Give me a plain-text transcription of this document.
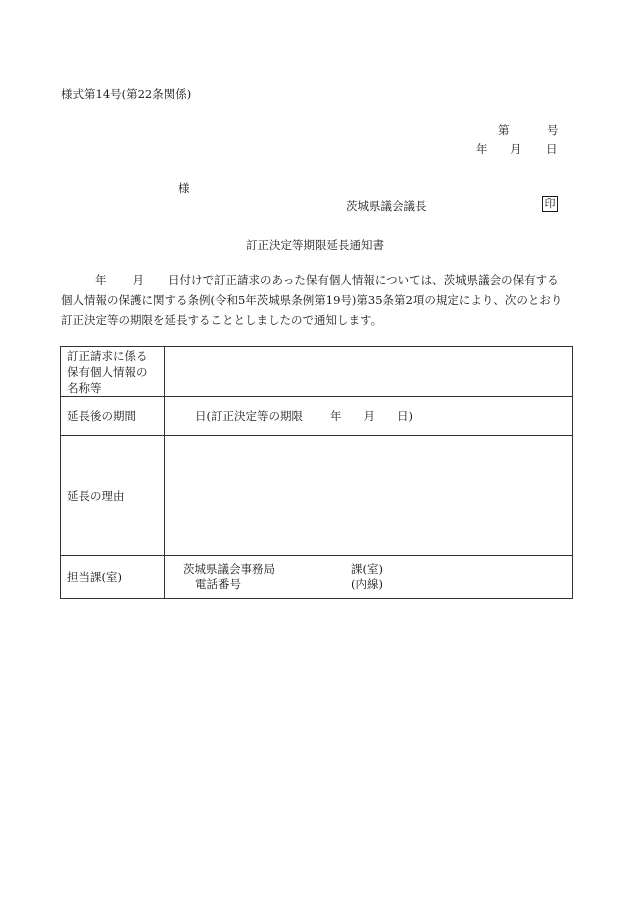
様式第14号(第22条関係)
第	号
年 月 日
様
茨城県議会議長	印
訂正決定等期限延長通知書
年 月 日付けで訂正請求のあった保有個人情報については、茨城県議会の保有する
個人情報の保護に関する条例(令和5年茨城県条例第19号)第35条第2項の規定により、次のとおり
訂正決定等の期限を延長することとしましたので通知します。
訂正請求に係る
保有個人情報の
名称等	

延長後の期間	日(訂正決定等の期限 年 月 日)
延長の理由	
担当課(室)	茨城県議会事務局 課(室)
電話番号 (内線)
